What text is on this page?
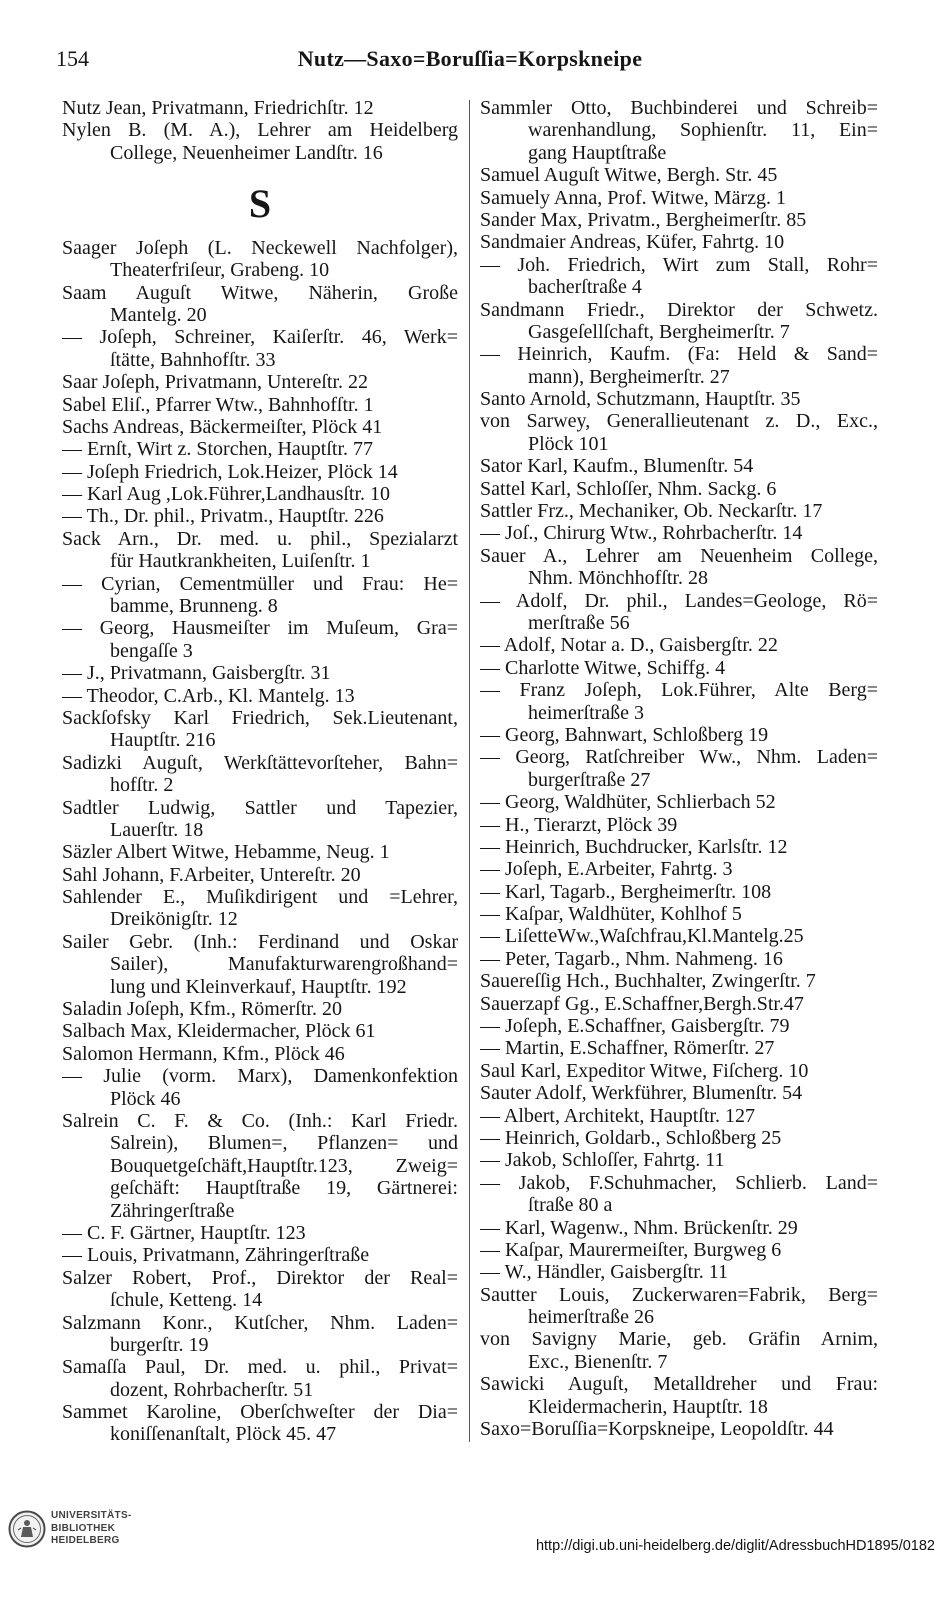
154	Nutz—Saxo=Boruſſia=Korpskneipe
Nutz Jean, Privatmann, Friedrichſtr. 12
Nylen B. (M. A.), Lehrer am Heidelberg
College, Neuenheimer Landſtr. 16
S
Saager Joſeph (L. Neckewell Nachfolger),
Theaterfriſeur, Grabeng. 10
Saam Auguſt Witwe, Näherin, Große
Mantelg. 20
— Joſeph, Schreiner, Kaiſerſtr. 46, Werk=
ſtätte, Bahnhofſtr. 33
Saar Joſeph, Privatmann, Untereſtr. 22
Sabel Eliſ., Pfarrer Wtw., Bahnhofſtr. 1
Sachs Andreas, Bäckermeiſter, Plöck 41
— Ernſt, Wirt z. Storchen, Hauptſtr. 77
— Joſeph Friedrich, Lok.Heizer, Plöck 14
— Karl Aug ,Lok.Führer,Landhausſtr. 10
— Th., Dr. phil., Privatm., Hauptſtr. 226
Sack Arn., Dr. med. u. phil., Spezialarzt
für Hautkrankheiten, Luiſenſtr. 1
— Cyrian, Cementmüller und Frau: He=
bamme, Brunneng. 8
— Georg, Hausmeiſter im Muſeum, Gra=
bengaſſe 3
— J., Privatmann, Gaisbergſtr. 31
— Theodor, C.Arb., Kl. Mantelg. 13
Sackſofsky Karl Friedrich, Sek.Lieutenant,
Hauptſtr. 216
Sadizki Auguſt, Werkſtättevorſteher, Bahn=
hofſtr. 2
Sadtler Ludwig, Sattler und Tapezier,
Lauerſtr. 18
Säzler Albert Witwe, Hebamme, Neug. 1
Sahl Johann, F.Arbeiter, Untereſtr. 20
Sahlender E., Muſikdirigent und =Lehrer,
Dreikönigſtr. 12
Sailer Gebr. (Inh.: Ferdinand und Oskar
Sailer), Manufakturwarengroßhand=
lung und Kleinverkauf, Hauptſtr. 192
Saladin Joſeph, Kfm., Römerſtr. 20
Salbach Max, Kleidermacher, Plöck 61
Salomon Hermann, Kfm., Plöck 46
— Julie (vorm. Marx), Damenkonfektion
Plöck 46
Salrein C. F. & Co. (Inh.: Karl Friedr.
Salrein), Blumen=, Pflanzen= und
Bouquetgeſchäft,Hauptſtr.123, Zweig=
geſchäft: Hauptſtraße 19, Gärtnerei:
Zähringerſtraße
— C. F. Gärtner, Hauptſtr. 123
— Louis, Privatmann, Zähringerſtraße
Salzer Robert, Prof., Direktor der Real=
ſchule, Ketteng. 14
Salzmann Konr., Kutſcher, Nhm. Laden=
burgerſtr. 19
Samaſſa Paul, Dr. med. u. phil., Privat=
dozent, Rohrbacherſtr. 51
Sammet Karoline, Oberſchweſter der Dia=
koniſſenanſtalt, Plöck 45. 47
Sammler Otto, Buchbinderei und Schreib=
warenhandlung, Sophienſtr. 11, Ein=
gang Hauptſtraße
Samuel Auguſt Witwe, Bergh. Str. 45
Samuely Anna, Prof. Witwe, Märzg. 1
Sander Max, Privatm., Bergheimerſtr. 85
Sandmaier Andreas, Küfer, Fahrtg. 10
— Joh. Friedrich, Wirt zum Stall, Rohr=
bacherſtraße 4
Sandmann Friedr., Direktor der Schwetz.
Gasgeſellſchaft, Bergheimerſtr. 7
— Heinrich, Kaufm. (Fa: Held & Sand=
mann), Bergheimerſtr. 27
Santo Arnold, Schutzmann, Hauptſtr. 35
von Sarwey, Generallieutenant z. D., Exc.,
Plöck 101
Sator Karl, Kaufm., Blumenſtr. 54
Sattel Karl, Schloſſer, Nhm. Sackg. 6
Sattler Frz., Mechaniker, Ob. Neckarſtr. 17
— Joſ., Chirurg Wtw., Rohrbacherſtr. 14
Sauer A., Lehrer am Neuenheim College,
Nhm. Mönchhofſtr. 28
— Adolf, Dr. phil., Landes=Geologe, Rö=
merſtraße 56
— Adolf, Notar a. D., Gaisbergſtr. 22
— Charlotte Witwe, Schiffg. 4
— Franz Joſeph, Lok.Führer, Alte Berg=
heimerſtraße 3
— Georg, Bahnwart, Schloßberg 19
— Georg, Ratſchreiber Ww., Nhm. Laden=
burgerſtraße 27
— Georg, Waldhüter, Schlierbach 52
— H., Tierarzt, Plöck 39
— Heinrich, Buchdrucker, Karlsſtr. 12
— Joſeph, E.Arbeiter, Fahrtg. 3
— Karl, Tagarb., Bergheimerſtr. 108
— Kaſpar, Waldhüter, Kohlhof 5
— LiſetteWw.,Waſchfrau,Kl.Mantelg.25
— Peter, Tagarb., Nhm. Nahmeng. 16
Sauereſſig Hch., Buchhalter, Zwingerſtr. 7
Sauerzapf Gg., E.Schaffner,Bergh.Str.47
— Joſeph, E.Schaffner, Gaisbergſtr. 79
— Martin, E.Schaffner, Römerſtr. 27
Saul Karl, Expeditor Witwe, Fiſcherg. 10
Sauter Adolf, Werkführer, Blumenſtr. 54
— Albert, Architekt, Hauptſtr. 127
— Heinrich, Goldarb., Schloßberg 25
— Jakob, Schloſſer, Fahrtg. 11
— Jakob, F.Schuhmacher, Schlierb. Land=
ſtraße 80 a
— Karl, Wagenw., Nhm. Brückenſtr. 29
— Kaſpar, Maurermeiſter, Burgweg 6
— W., Händler, Gaisbergſtr. 11
Sautter Louis, Zuckerwaren=Fabrik, Berg=
heimerſtraße 26
von Savigny Marie, geb. Gräfin Arnim,
Exc., Bienenſtr. 7
Sawicki Auguſt, Metalldreher und Frau:
Kleidermacherin, Hauptſtr. 18
Saxo=Boruſſia=Korpskneipe, Leopoldſtr. 44
UNIVERSITÄTS-
BIBLIOTHEK
HEIDELBERG	http://digi.ub.uni-heidelberg.de/diglit/AdressbuchHD1895/0182
